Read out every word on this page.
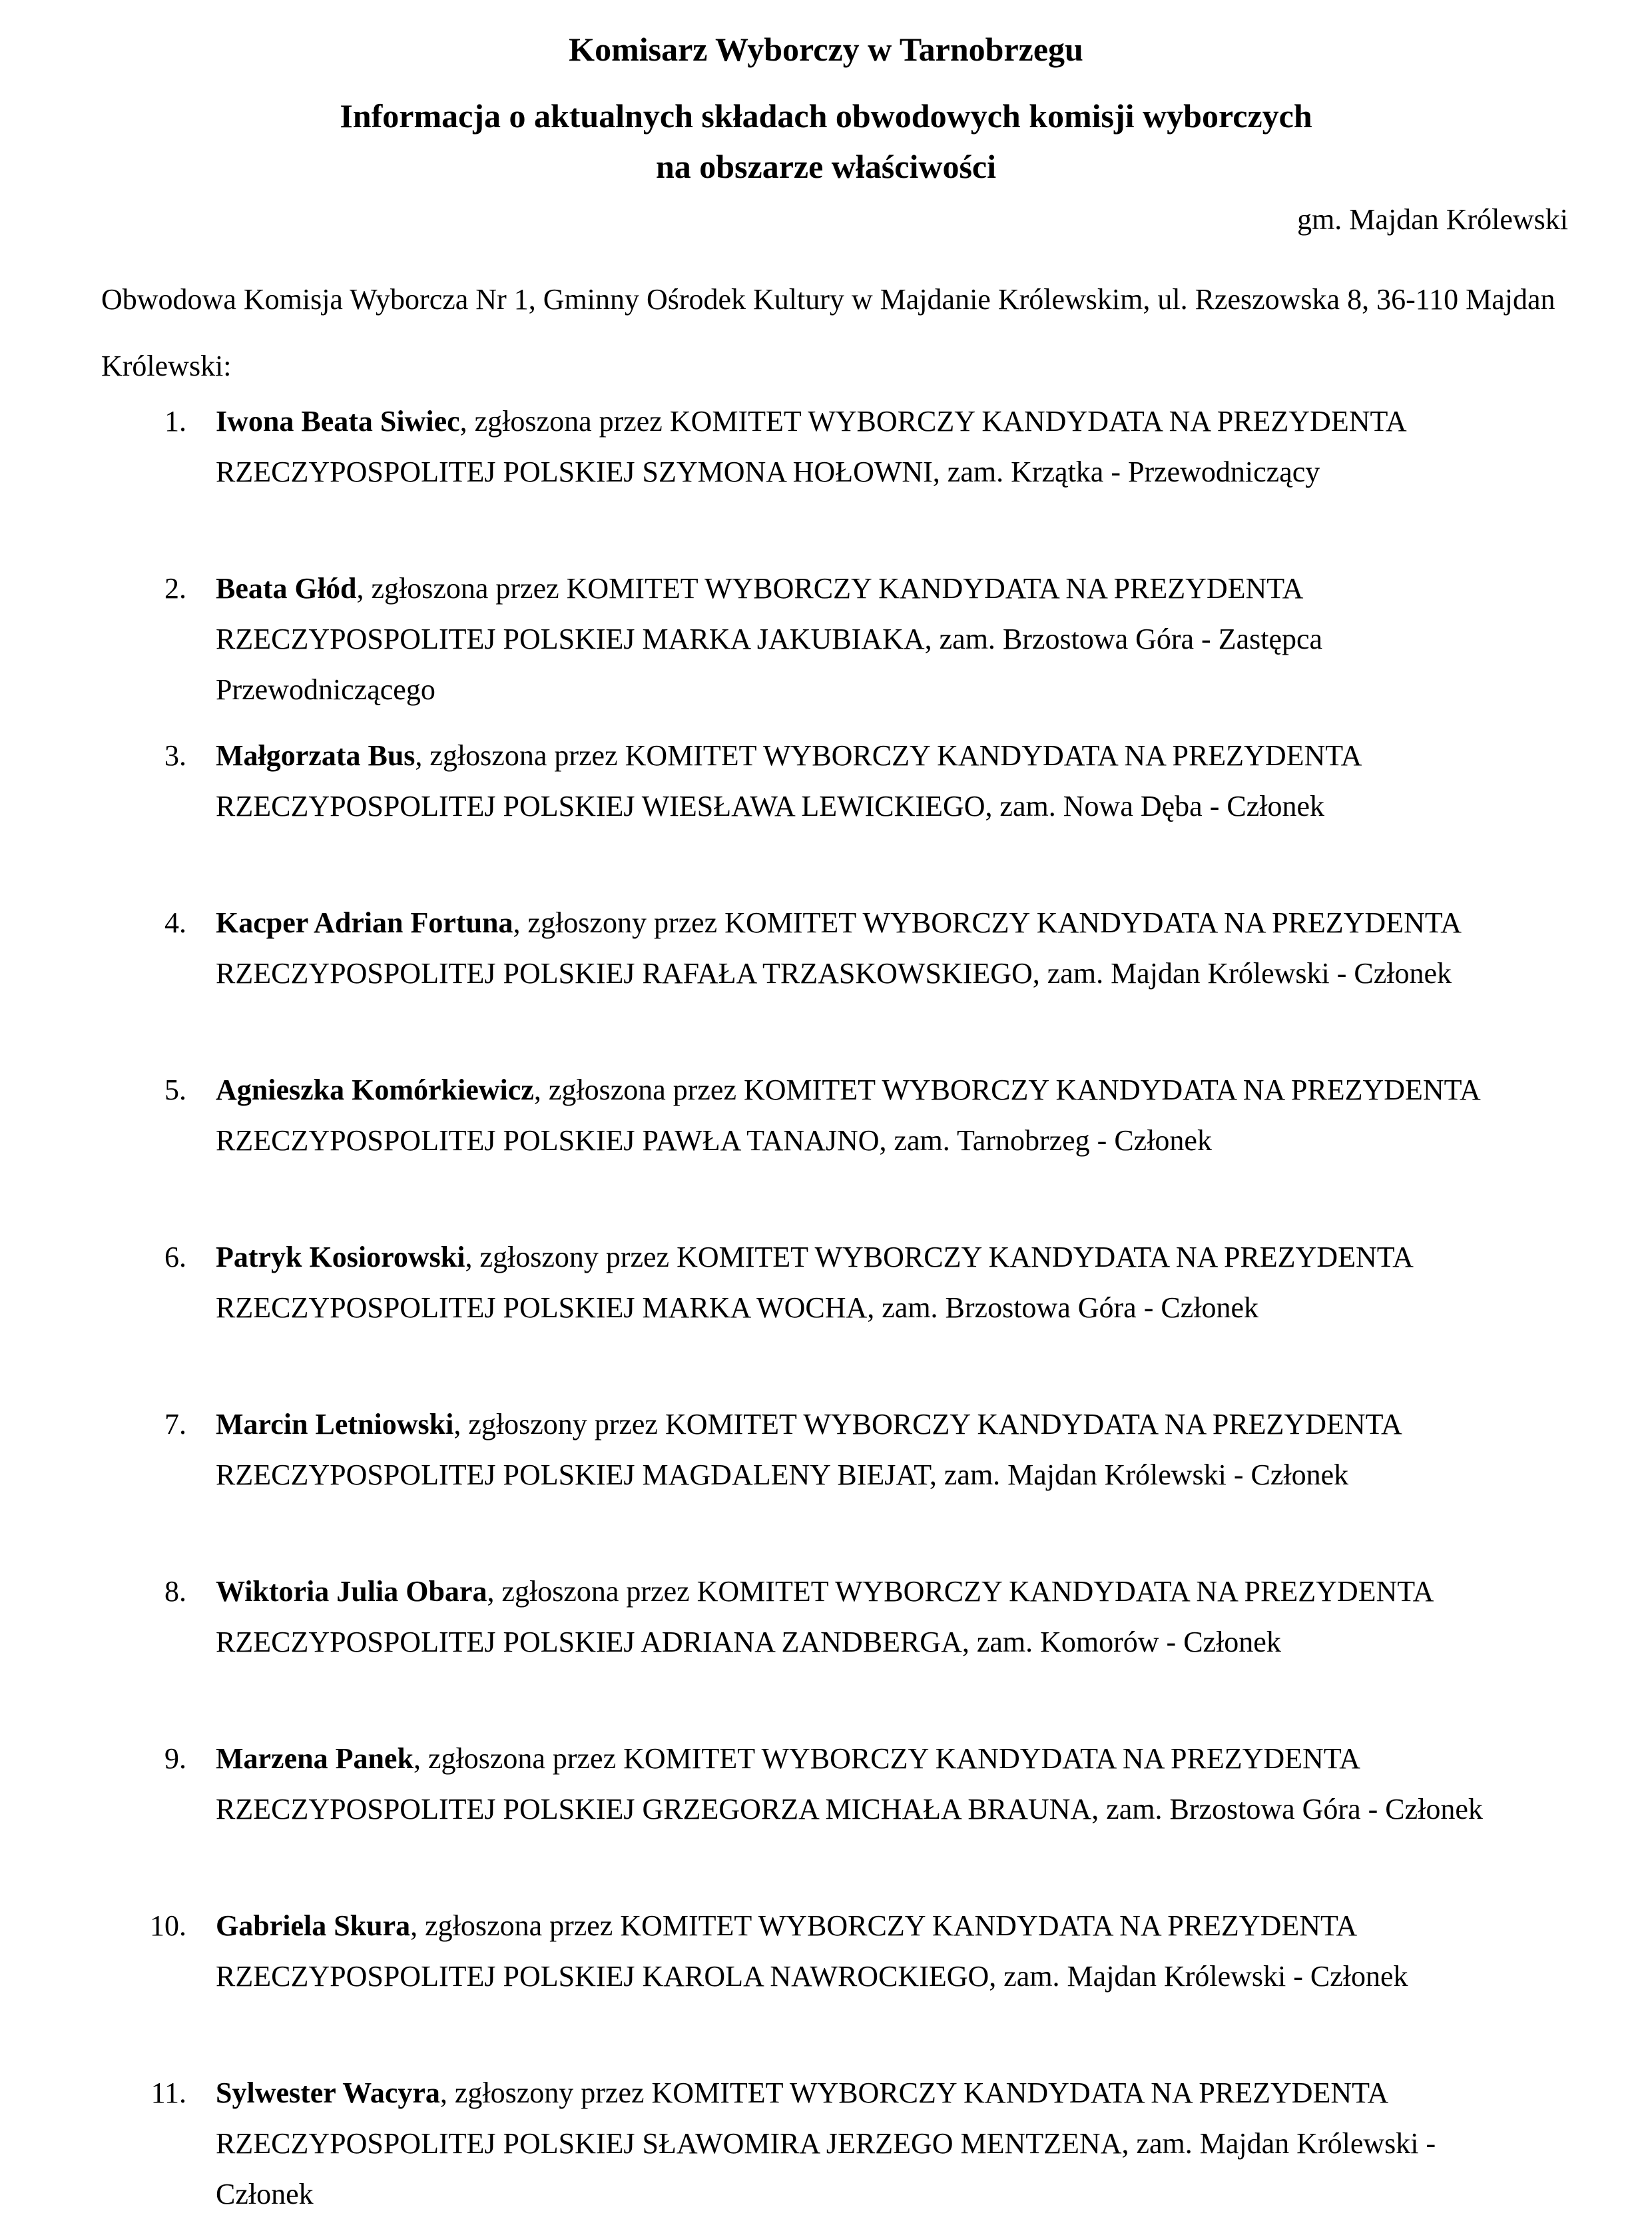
Komisarz Wyborczy w Tarnobrzegu
Informacja o aktualnych składach obwodowych komisji wyborczych
na obszarze właściwości

gm. Majdan Królewski

Obwodowa Komisja Wyborcza Nr 1, Gminny Ośrodek Kultury w Majdanie Królewskim, ul. Rzeszowska 8, 36-110 Majdan Królewski:

1. Iwona Beata Siwiec, zgłoszona przez KOMITET WYBORCZY KANDYDATA NA PREZYDENTA RZECZYPOSPOLITEJ POLSKIEJ SZYMONA HOŁOWNI, zam. Krzątka - Przewodniczący
2. Beata Głód, zgłoszona przez KOMITET WYBORCZY KANDYDATA NA PREZYDENTA RZECZYPOSPOLITEJ POLSKIEJ MARKA JAKUBIAKA, zam. Brzostowa Góra - Zastępca Przewodniczącego
3. Małgorzata Bus, zgłoszona przez KOMITET WYBORCZY KANDYDATA NA PREZYDENTA RZECZYPOSPOLITEJ POLSKIEJ WIESŁAWA LEWICKIEGO, zam. Nowa Dęba - Członek
4. Kacper Adrian Fortuna, zgłoszony przez KOMITET WYBORCZY KANDYDATA NA PREZYDENTA RZECZYPOSPOLITEJ POLSKIEJ RAFAŁA TRZASKOWSKIEGO, zam. Majdan Królewski - Członek
5. Agnieszka Komórkiewicz, zgłoszona przez KOMITET WYBORCZY KANDYDATA NA PREZYDENTA RZECZYPOSPOLITEJ POLSKIEJ PAWŁA TANAJNO, zam. Tarnobrzeg - Członek
6. Patryk Kosiorowski, zgłoszony przez KOMITET WYBORCZY KANDYDATA NA PREZYDENTA RZECZYPOSPOLITEJ POLSKIEJ MARKA WOCHA, zam. Brzostowa Góra - Członek
7. Marcin Letniowski, zgłoszony przez KOMITET WYBORCZY KANDYDATA NA PREZYDENTA RZECZYPOSPOLITEJ POLSKIEJ MAGDALENY BIEJAT, zam. Majdan Królewski - Członek
8. Wiktoria Julia Obara, zgłoszona przez KOMITET WYBORCZY KANDYDATA NA PREZYDENTA RZECZYPOSPOLITEJ POLSKIEJ ADRIANA ZANDBERGA, zam. Komorów - Członek
9. Marzena Panek, zgłoszona przez KOMITET WYBORCZY KANDYDATA NA PREZYDENTA RZECZYPOSPOLITEJ POLSKIEJ GRZEGORZA MICHAŁA BRAUNA, zam. Brzostowa Góra - Członek
10. Gabriela Skura, zgłoszona przez KOMITET WYBORCZY KANDYDATA NA PREZYDENTA RZECZYPOSPOLITEJ POLSKIEJ KAROLA NAWROCKIEGO, zam. Majdan Królewski - Członek
11. Sylwester Wacyra, zgłoszony przez KOMITET WYBORCZY KANDYDATA NA PREZYDENTA RZECZYPOSPOLITEJ POLSKIEJ SŁAWOMIRA JERZEGO MENTZENA, zam. Majdan Królewski - Członek
